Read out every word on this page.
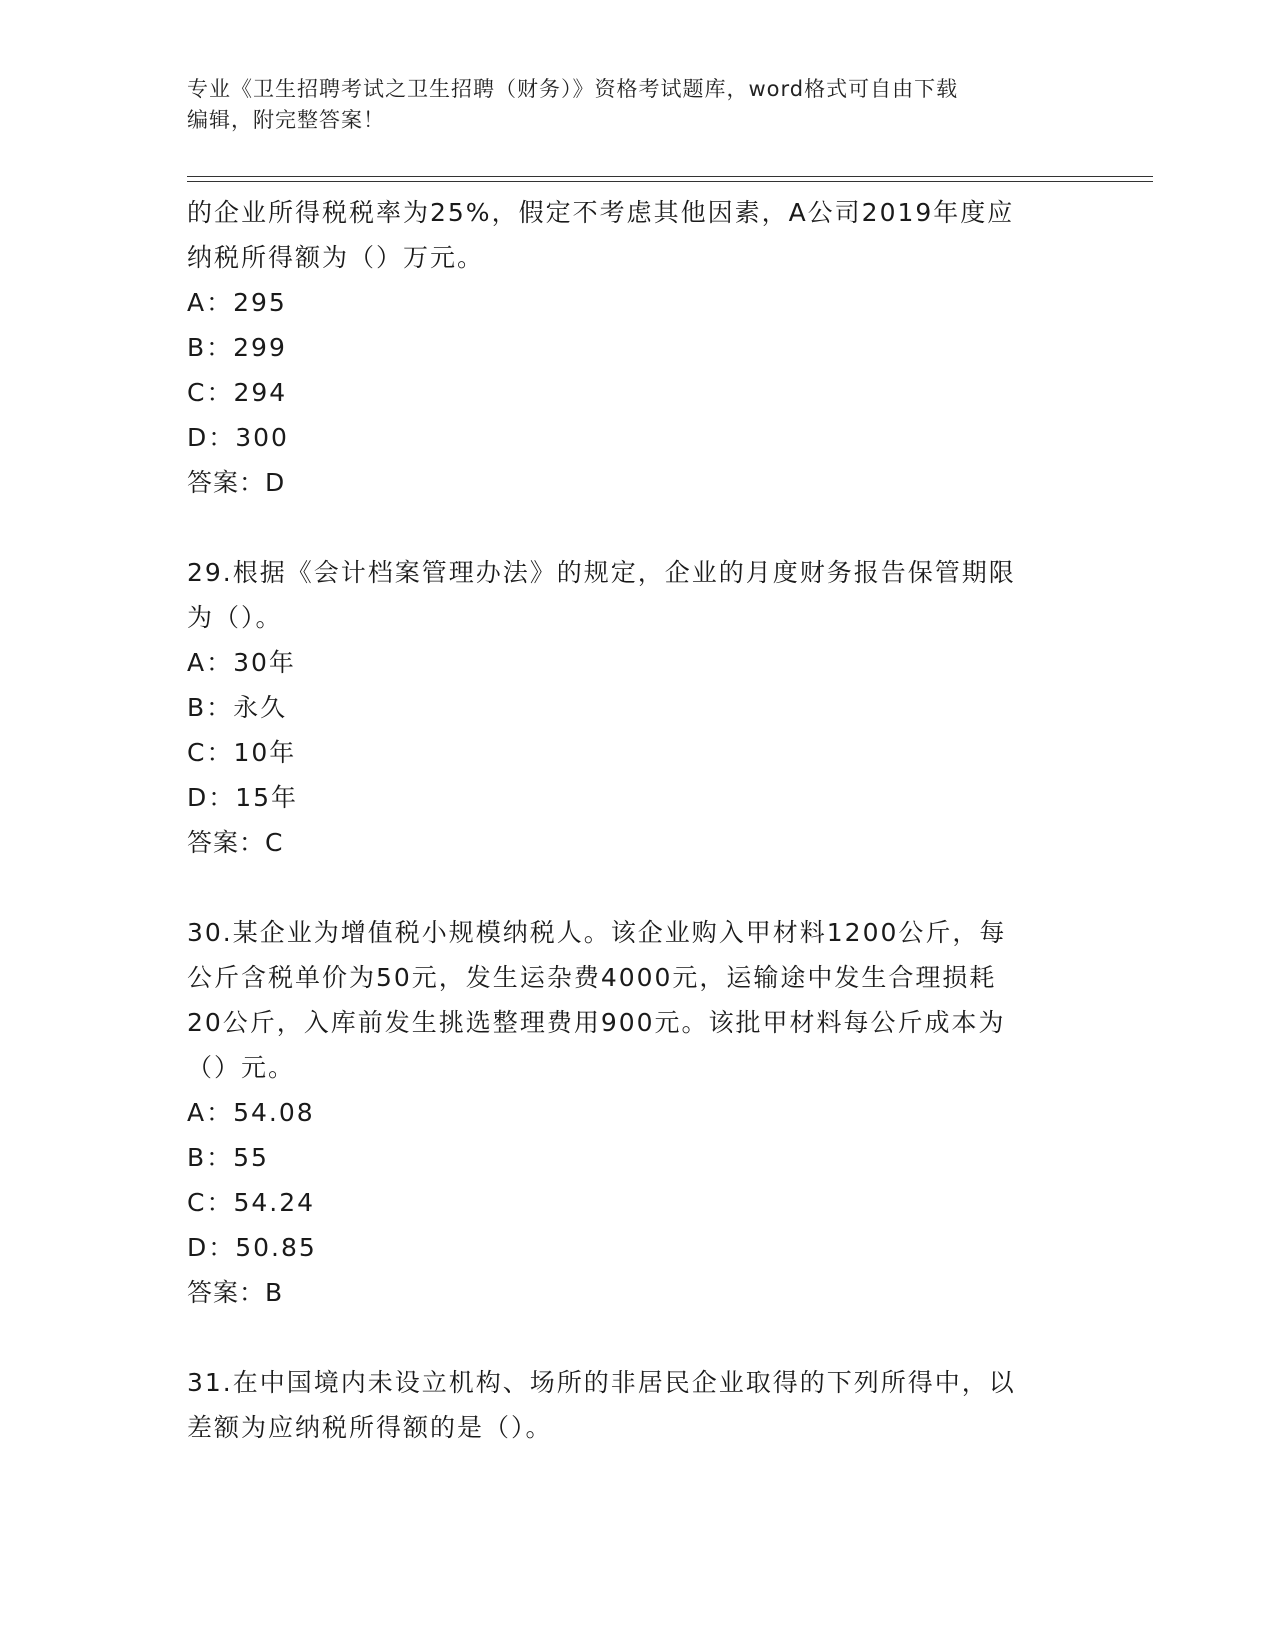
专业《卫生招聘考试之卫生招聘（财务）》资格考试题库，word格式可自由下载
编辑，附完整答案！
的企业所得税税率为25%，假定不考虑其他因素，A公司2019年度应
纳税所得额为（）万元。
A：295
B：299
C：294
D：300
答案：D
29.根据《会计档案管理办法》的规定，企业的月度财务报告保管期限
为（）。
A：30年
B：永久
C：10年
D：15年
答案：C
30.某企业为增值税小规模纳税人。该企业购入甲材料1200公斤，每
公斤含税单价为50元，发生运杂费4000元，运输途中发生合理损耗
20公斤，入库前发生挑选整理费用900元。该批甲材料每公斤成本为
（）元。
A：54.08
B：55
C：54.24
D：50.85
答案：B
31.在中国境内未设立机构、场所的非居民企业取得的下列所得中，以
差额为应纳税所得额的是（）。
